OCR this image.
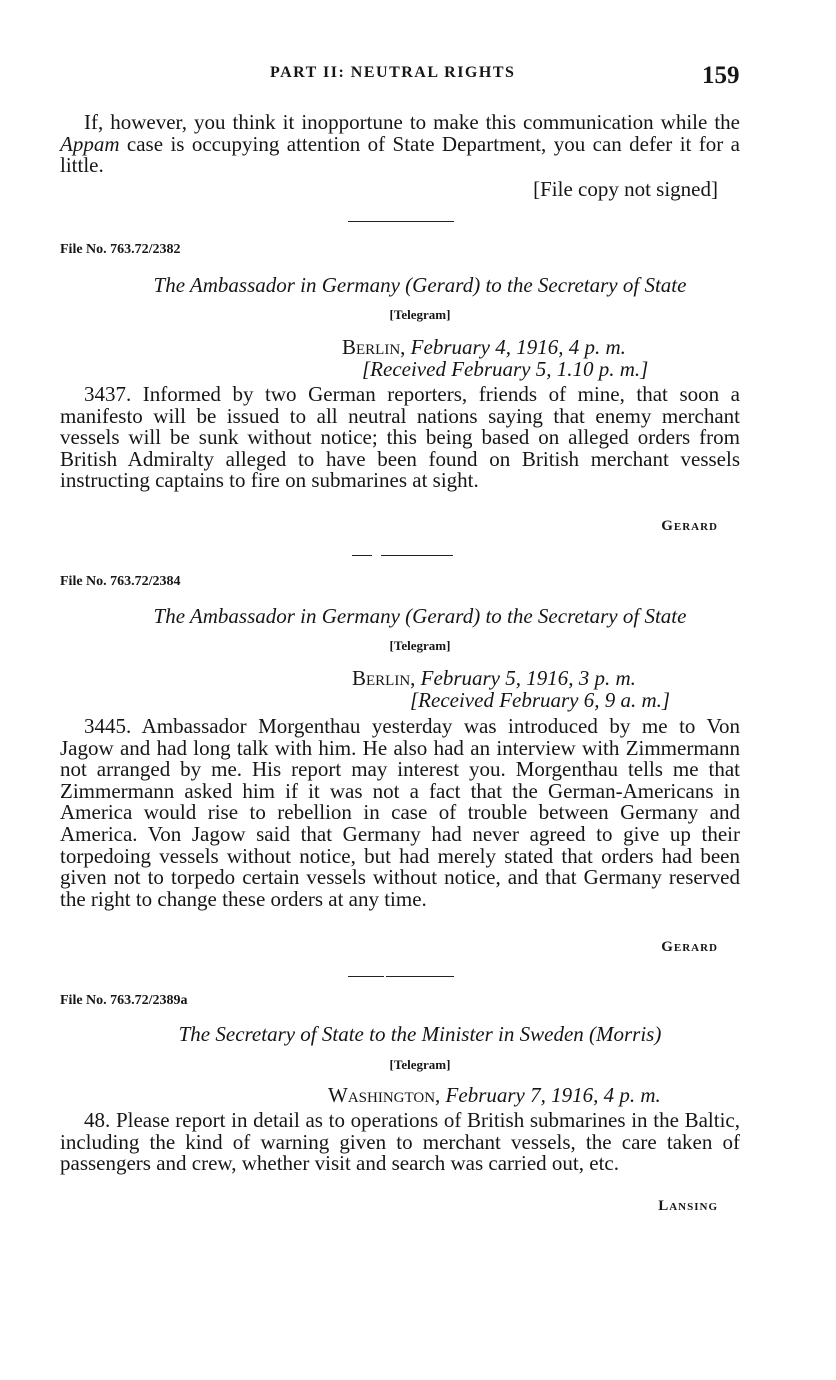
PART II: NEUTRAL RIGHTS	159

If, however, you think it inopportune to make this communication while the Appam case is occupying attention of State Department, you can defer it for a little.

[File copy not signed]
File No. 763.72/2382
The Ambassador in Germany (Gerard) to the Secretary of State
[Telegram]
Berlin, February 4, 1916, 4 p. m.
[Received February 5, 1.10 p. m.]

3437. Informed by two German reporters, friends of mine, that soon a manifesto will be issued to all neutral nations saying that enemy merchant vessels will be sunk without notice; this being based on alleged orders from British Admiralty alleged to have been found on British merchant vessels instructing captains to fire on submarines at sight.

Gerard
File No. 763.72/2384
The Ambassador in Germany (Gerard) to the Secretary of State
[Telegram]
Berlin, February 5, 1916, 3 p. m.
[Received February 6, 9 a. m.]

3445. Ambassador Morgenthau yesterday was introduced by me to Von Jagow and had long talk with him. He also had an interview with Zimmermann not arranged by me. His report may interest you. Morgenthau tells me that Zimmermann asked him if it was not a fact that the German-Americans in America would rise to rebellion in case of trouble between Germany and America. Von Jagow said that Germany had never agreed to give up their torpedoing vessels without notice, but had merely stated that orders had been given not to torpedo certain vessels without notice, and that Germany reserved the right to change these orders at any time.

Gerard
File No. 763.72/2389a
The Secretary of State to the Minister in Sweden (Morris)
[Telegram]
Washington, February 7, 1916, 4 p. m.

48. Please report in detail as to operations of British submarines in the Baltic, including the kind of warning given to merchant vessels, the care taken of passengers and crew, whether visit and search was carried out, etc.

Lansing
